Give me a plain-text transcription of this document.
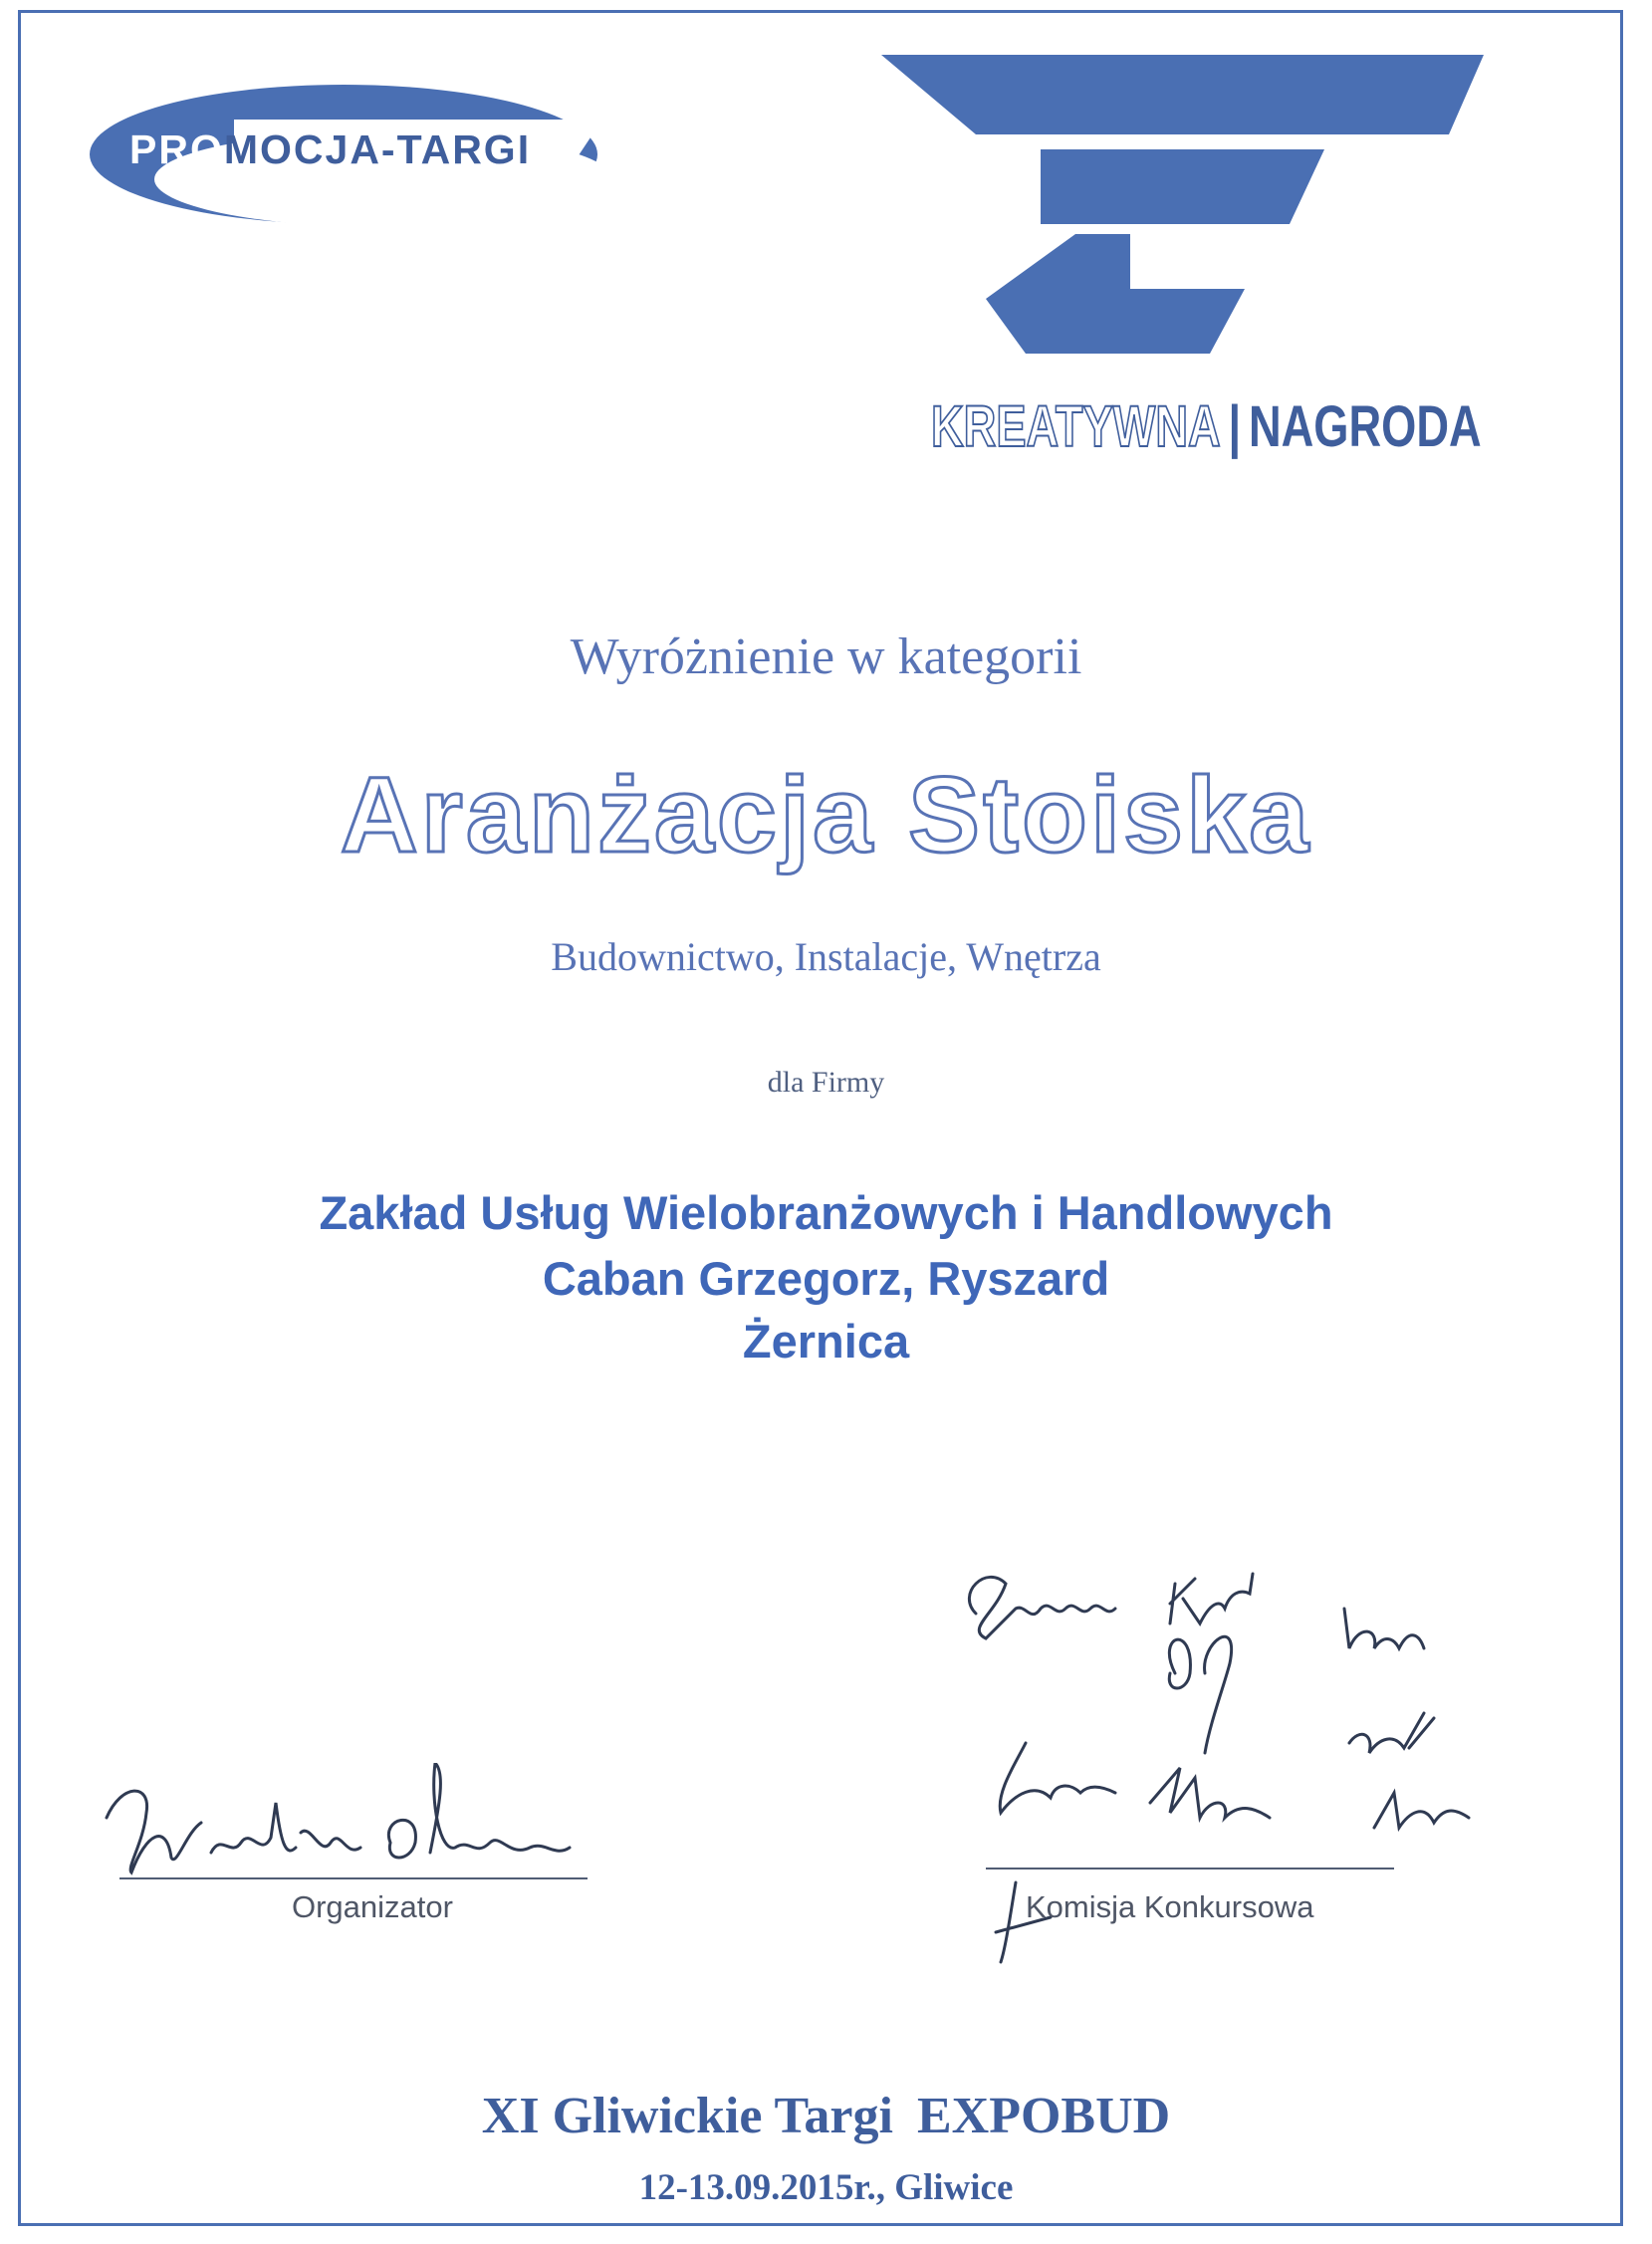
PROMOCJA-TARGI
KREATYWNA | NAGRODA
Wyróżnienie w kategorii
Aranżacja Stoiska
Budownictwo, Instalacje, Wnętrza
dla Firmy
Zakład Usług Wielobranżowych i Handlowych
Caban Grzegorz, Ryszard
Żernica
Organizator	Komisja Konkursowa
XI Gliwickie Targi EXPOBUD
12-13.09.2015r., Gliwice
